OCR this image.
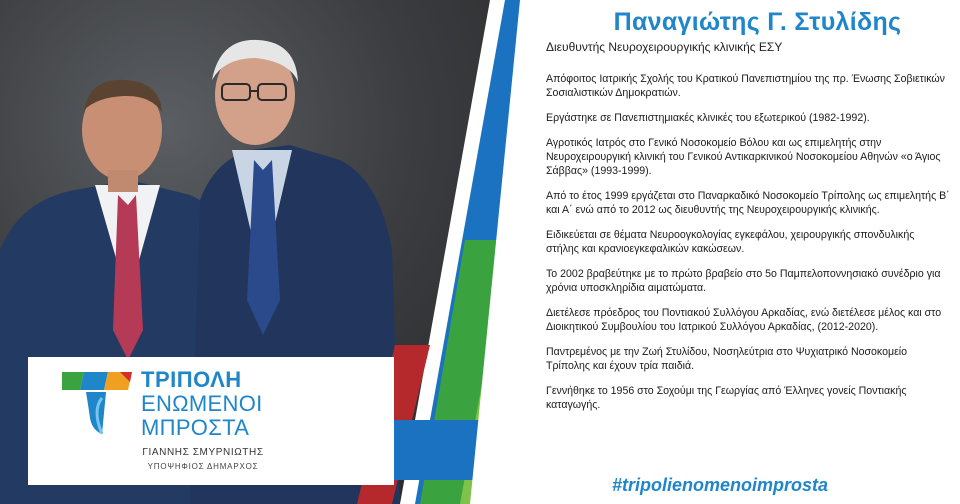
Παναγιώτης Γ. Στυλίδης
Διευθυντής Νευροχειρουργικής κλινικής ΕΣΥ

Απόφοιτος Ιατρικής Σχολής του Κρατικού Πανεπιστημίου της πρ. Ένωσης Σοβιετικών Σοσιαλιστικών Δημοκρατιών.

Εργάστηκε σε Πανεπιστημιακές κλινικές του εξωτερικού (1982-1992).

Αγροτικός Ιατρός στο Γενικό Νοσοκομείο Βόλου και ως επιμελητής στην Νευροχειρουργική κλινική του Γενικού Αντικαρκινικού Νοσοκομείου Αθηνών «ο Άγιος Σάββας» (1993-1999).

Από το έτος 1999 εργάζεται στο Παναρκαδικό Νοσοκομείο Τρίπολης ως επιμελητής Β΄ και Α΄ ενώ από το 2012 ως διευθυντής της Νευροχειρουργικής κλινικής.

Ειδικεύεται σε θέματα Νευροογκολογίας εγκεφάλου, χειρουργικής σπονδυλικής στήλης και κρανιοεγκεφαλικών κακώσεων.

Το 2002 βραβεύτηκε με το πρώτο βραβείο στο 5ο Παμπελοποννησιακό συνέδριο για χρόνια υποσκληρίδια αιματώματα.

Διετέλεσε πρόεδρος του Ποντιακού Συλλόγου Αρκαδίας, ενώ διετέλεσε μέλος και στο Διοικητικού Συμβουλίου του Ιατρικού Συλλόγου Αρκαδίας, (2012-2020).

Παντρεμένος με την Ζωή Στυλίδου, Νοσηλεύτρια στο Ψυχιατρικό Νοσοκομείο Τρίπολης και έχουν τρία παιδιά.

Γεννήθηκε το 1956 στο Σοχούμι της Γεωργίας από Έλληνες γονείς Ποντιακής καταγωγής.

#tripolienomenoimprosta
ΤΡΙΠΟΛΗ
ΕΝΩΜΕΝΟΙ
ΜΠΡΟΣΤΑ
ΓΙΑΝΝΗΣ ΣΜΥΡΝΙΩΤΗΣ
ΥΠΟΨΗΦΙΟΣ ΔΗΜΑΡΧΟΣ
